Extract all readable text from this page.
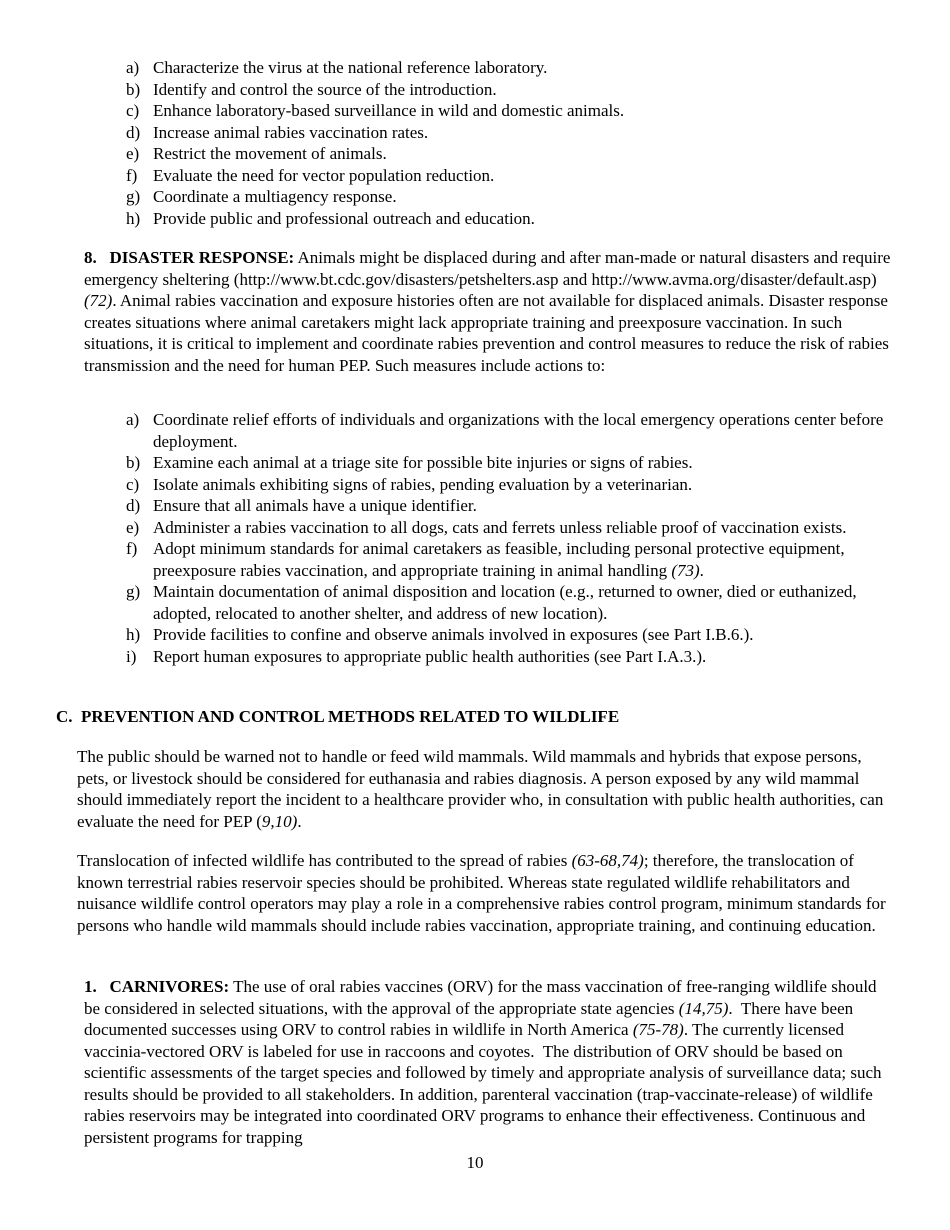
a) Characterize the virus at the national reference laboratory.
b) Identify and control the source of the introduction.
c) Enhance laboratory-based surveillance in wild and domestic animals.
d) Increase animal rabies vaccination rates.
e) Restrict the movement of animals.
f) Evaluate the need for vector population reduction.
g) Coordinate a multiagency response.
h) Provide public and professional outreach and education.

8.   DISASTER RESPONSE: Animals might be displaced during and after man-made or natural disasters and require emergency sheltering (http://www.bt.cdc.gov/disasters/petshelters.asp and http://www.avma.org/disaster/default.asp) (72). Animal rabies vaccination and exposure histories often are not available for displaced animals. Disaster response creates situations where animal caretakers might lack appropriate training and preexposure vaccination. In such situations, it is critical to implement and coordinate rabies prevention and control measures to reduce the risk of rabies transmission and the need for human PEP. Such measures include actions to:

a) Coordinate relief efforts of individuals and organizations with the local emergency operations center before deployment.
b) Examine each animal at a triage site for possible bite injuries or signs of rabies.
c) Isolate animals exhibiting signs of rabies, pending evaluation by a veterinarian.
d) Ensure that all animals have a unique identifier.
e) Administer a rabies vaccination to all dogs, cats and ferrets unless reliable proof of vaccination exists.
f) Adopt minimum standards for animal caretakers as feasible, including personal protective equipment, preexposure rabies vaccination, and appropriate training in animal handling (73).
g) Maintain documentation of animal disposition and location (e.g., returned to owner, died or euthanized, adopted, relocated to another shelter, and address of new location).
h) Provide facilities to confine and observe animals involved in exposures (see Part I.B.6.).
i) Report human exposures to appropriate public health authorities (see Part I.A.3.).
C.  PREVENTION AND CONTROL METHODS RELATED TO WILDLIFE

The public should be warned not to handle or feed wild mammals. Wild mammals and hybrids that expose persons, pets, or livestock should be considered for euthanasia and rabies diagnosis. A person exposed by any wild mammal should immediately report the incident to a healthcare provider who, in consultation with public health authorities, can evaluate the need for PEP (9,10).

Translocation of infected wildlife has contributed to the spread of rabies (63-68,74); therefore, the translocation of known terrestrial rabies reservoir species should be prohibited. Whereas state regulated wildlife rehabilitators and nuisance wildlife control operators may play a role in a comprehensive rabies control program, minimum standards for persons who handle wild mammals should include rabies vaccination, appropriate training, and continuing education.

1.   CARNIVORES: The use of oral rabies vaccines (ORV) for the mass vaccination of free-ranging wildlife should be considered in selected situations, with the approval of the appropriate state agencies (14,75).  There have been documented successes using ORV to control rabies in wildlife in North America (75-78). The currently licensed vaccinia-vectored ORV is labeled for use in raccoons and coyotes.  The distribution of ORV should be based on scientific assessments of the target species and followed by timely and appropriate analysis of surveillance data; such results should be provided to all stakeholders. In addition, parenteral vaccination (trap-vaccinate-release) of wildlife rabies reservoirs may be integrated into coordinated ORV programs to enhance their effectiveness. Continuous and persistent programs for trapping

10
